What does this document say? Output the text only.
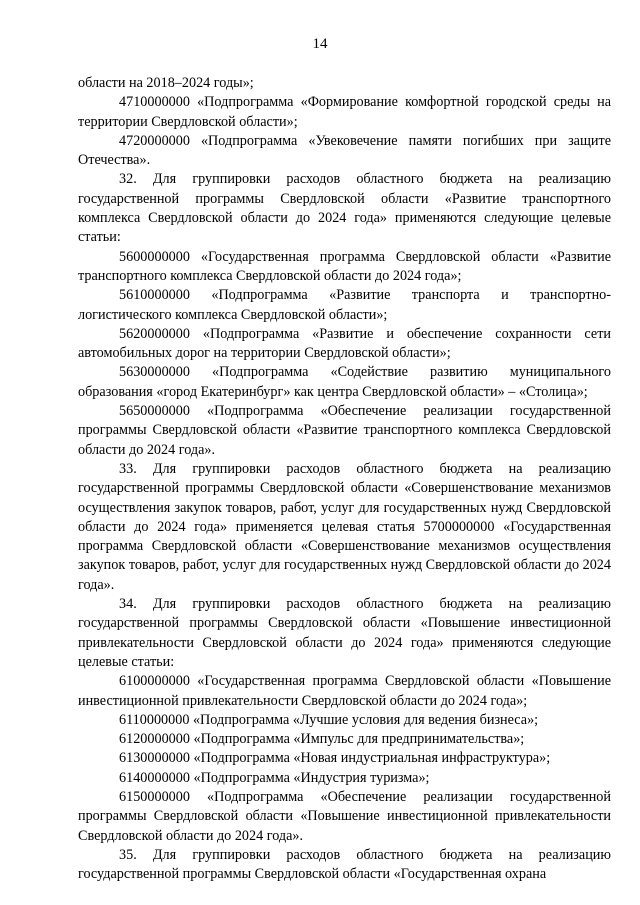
14

области на 2018–2024 годы»;

4710000000 «Подпрограмма «Формирование комфортной городской среды на территории Свердловской области»;

4720000000 «Подпрограмма «Увековечение памяти погибших при защите Отечества».

32. Для группировки расходов областного бюджета на реализацию государственной программы Свердловской области «Развитие транспортного комплекса Свердловской области до 2024 года» применяются следующие целевые статьи:

5600000000 «Государственная программа Свердловской области «Развитие транспортного комплекса Свердловской области до 2024 года»;

5610000000 «Подпрограмма «Развитие транспорта и транспортно-логистического комплекса Свердловской области»;

5620000000 «Подпрограмма «Развитие и обеспечение сохранности сети автомобильных дорог на территории Свердловской области»;

5630000000 «Подпрограмма «Содействие развитию муниципального образования «город Екатеринбург» как центра Свердловской области» – «Столица»;

5650000000 «Подпрограмма «Обеспечение реализации государственной программы Свердловской области «Развитие транспортного комплекса Свердловской области до 2024 года».

33. Для группировки расходов областного бюджета на реализацию государственной программы Свердловской области «Совершенствование механизмов осуществления закупок товаров, работ, услуг для государственных нужд Свердловской области до 2024 года» применяется целевая статья 5700000000 «Государственная программа Свердловской области «Совершенствование механизмов осуществления закупок товаров, работ, услуг для государственных нужд Свердловской области до 2024 года».

34. Для группировки расходов областного бюджета на реализацию государственной программы Свердловской области «Повышение инвестиционной привлекательности Свердловской области до 2024 года» применяются следующие целевые статьи:

6100000000 «Государственная программа Свердловской области «Повышение инвестиционной привлекательности Свердловской области до 2024 года»;

6110000000 «Подпрограмма «Лучшие условия для ведения бизнеса»;

6120000000 «Подпрограмма «Импульс для предпринимательства»;

6130000000 «Подпрограмма «Новая индустриальная инфраструктура»;

6140000000 «Подпрограмма «Индустрия туризма»;

6150000000 «Подпрограмма «Обеспечение реализации государственной программы Свердловской области «Повышение инвестиционной привлекательности Свердловской области до 2024 года».

35. Для группировки расходов областного бюджета на реализацию государственной программы Свердловской области «Государственная охрана
